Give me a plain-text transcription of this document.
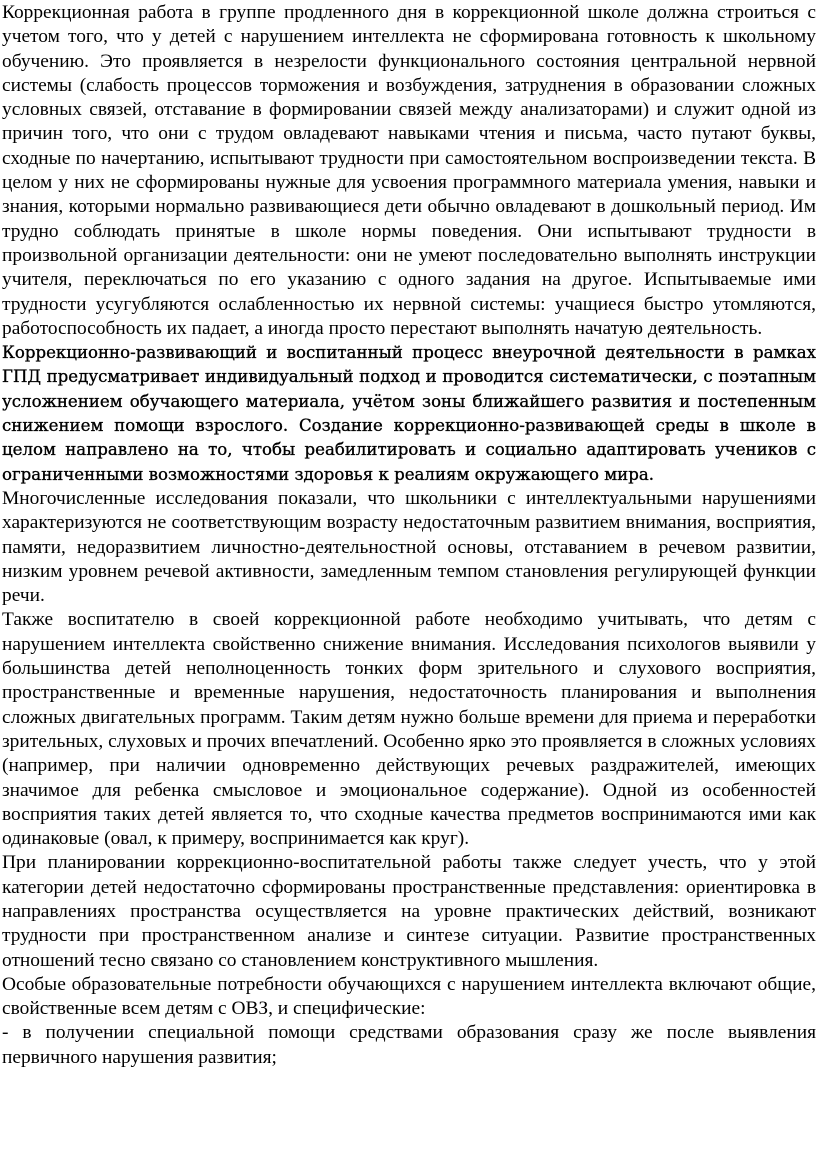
Коррекционная работа в группе продленного дня в коррекционной школе должна строиться с учетом того, что у детей с нарушением интеллекта не сформирована готовность к школьному обучению. Это проявляется в незрелости функционального состояния центральной нервной системы (слабость процессов торможения и возбуждения, затруднения в образовании сложных условных связей, отставание в формировании связей между анализаторами) и служит одной из причин того, что они с трудом овладевают навыками чтения и письма, часто путают буквы, сходные по начертанию, испытывают трудности при самостоятельном воспроизведении текста. В целом у них не сформированы нужные для усвоения программного материала умения, навыки и знания, которыми нормально развивающиеся дети обычно овладевают в дошкольный период. Им трудно соблюдать принятые в школе нормы поведения. Они испытывают трудности в произвольной организации деятельности: они не умеют последовательно выполнять инструкции учителя, переключаться по его указанию с одного задания на другое. Испытываемые ими трудности усугубляются ослабленностью их нервной системы: учащиеся быстро утомляются, работоспособность их падает, а иногда просто перестают выполнять начатую деятельность.

Коррекционно-развивающий и воспитанный процесс внеурочной деятельности в рамках ГПД предусматривает индивидуальный подход и проводится систематически, с поэтапным усложнением обучающего материала, учётом зоны ближайшего развития и постепенным снижением помощи взрослого. Создание коррекционно-развивающей среды в школе в целом направлено на то, чтобы реабилитировать и социально адаптировать учеников с ограниченными возможностями здоровья к реалиям окружающего мира.

Многочисленные исследования показали, что школьники с интеллектуальными нарушениями характеризуются не соответствующим возрасту недостаточным развитием внимания, восприятия, памяти, недоразвитием личностно-деятельностной основы, отставанием в речевом развитии, низким уровнем речевой активности, замедленным темпом становления регулирующей функции речи.

Также воспитателю в своей коррекционной работе необходимо учитывать, что детям с нарушением интеллекта свойственно снижение внимания. Исследования психологов выявили у большинства детей неполноценность тонких форм зрительного и слухового восприятия, пространственные и временные нарушения, недостаточность планирования и выполнения сложных двигательных программ. Таким детям нужно больше времени для приема и переработки зрительных, слуховых и прочих впечатлений. Особенно ярко это проявляется в сложных условиях (например, при наличии одновременно действующих речевых раздражителей, имеющих значимое для ребенка смысловое и эмоциональное содержание). Одной из особенностей восприятия таких детей является то, что сходные качества предметов воспринимаются ими как одинаковые (овал, к примеру, воспринимается как круг).

При планировании коррекционно-воспитательной работы также следует учесть, что у этой категории детей недостаточно сформированы пространственные представления: ориентировка в направлениях пространства осуществляется на уровне практических действий, возникают трудности при пространственном анализе и синтезе ситуации. Развитие пространственных отношений тесно связано со становлением конструктивного мышления.

Особые образовательные потребности обучающихся с нарушением интеллекта включают общие, свойственные всем детям с ОВЗ, и специфические:

- в получении специальной помощи средствами образования сразу же после выявления первичного нарушения развития;
